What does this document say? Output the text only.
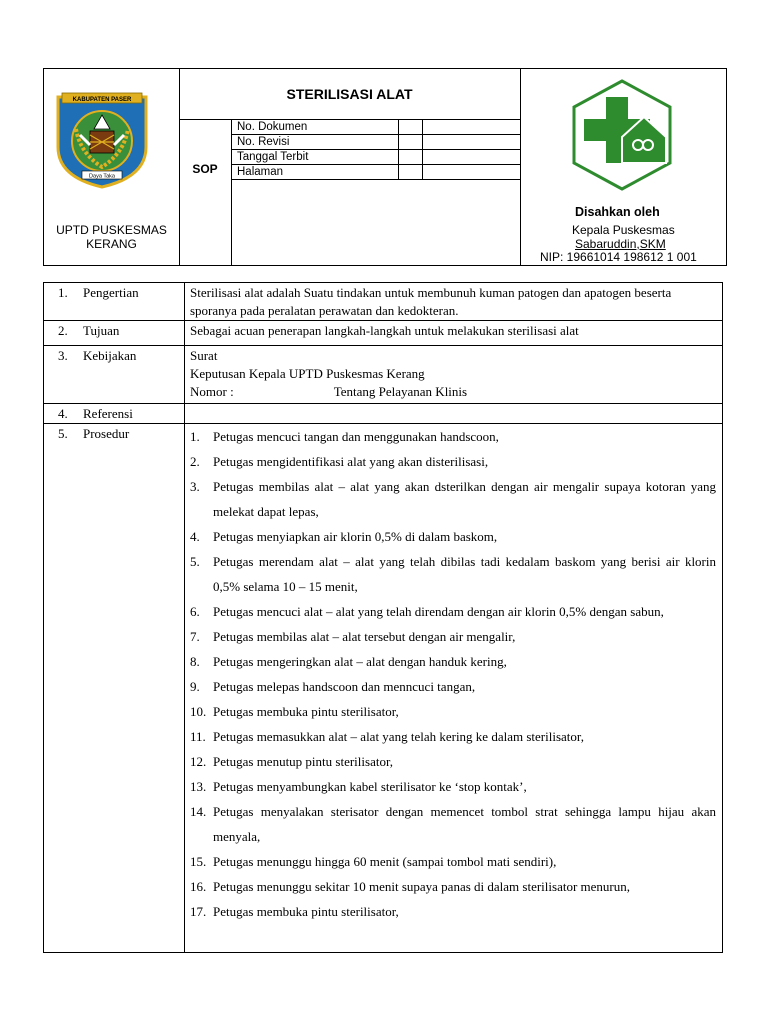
KABUPATEN PASER
Daya Taka
UPTD PUSKESMAS KERANG
STERILISASI ALAT
SOP
No. Dokumen
No. Revisi
Tanggal Terbit
Halaman
Disahkan oleh
Kepala Puskesmas
Sabaruddin,SKM
NIP: 19661014 198612 1 001
1. Pengertian	Sterilisasi alat adalah Suatu tindakan untuk membunuh kuman patogen dan apatogen beserta sporanya pada peralatan perawatan dan kedokteran.

2. Tujuan	Sebagai acuan penerapan langkah-langkah untuk melakukan sterilisasi alat

3. Kebijakan	Surat

Keputusan Kepala UPTD Puskesmas Kerang

Nomor :	Tentang Pelayanan Klinis

4. Referensi

5. Prosedur	1. Petugas mencuci tangan dan menggunakan handscoon,
2. Petugas mengidentifikasi alat yang akan disterilisasi,
3. Petugas membilas alat – alat yang akan dsterilkan dengan air mengalir supaya kotoran yang melekat dapat lepas,
4. Petugas menyiapkan air klorin 0,5% di dalam baskom,
5. Petugas merendam alat – alat yang telah dibilas tadi kedalam baskom yang berisi air klorin 0,5% selama 10 – 15 menit,
6. Petugas mencuci alat – alat yang telah direndam dengan air klorin 0,5% dengan sabun,
7. Petugas membilas alat – alat tersebut dengan air mengalir,
8. Petugas mengeringkan alat – alat dengan handuk kering,
9. Petugas melepas handscoon dan menncuci tangan,
10. Petugas membuka pintu sterilisator,
11. Petugas memasukkan alat – alat yang telah kering ke dalam sterilisator,
12. Petugas menutup pintu sterilisator,
13. Petugas menyambungkan kabel sterilisator ke ‘stop kontak’,
14. Petugas menyalakan sterisator dengan memencet tombol strat sehingga lampu hijau akan menyala,
15. Petugas menunggu hingga 60 menit (sampai tombol mati sendiri),
16. Petugas menunggu sekitar 10 menit supaya panas di dalam sterilisator menurun,
17. Petugas membuka pintu sterilisator,
